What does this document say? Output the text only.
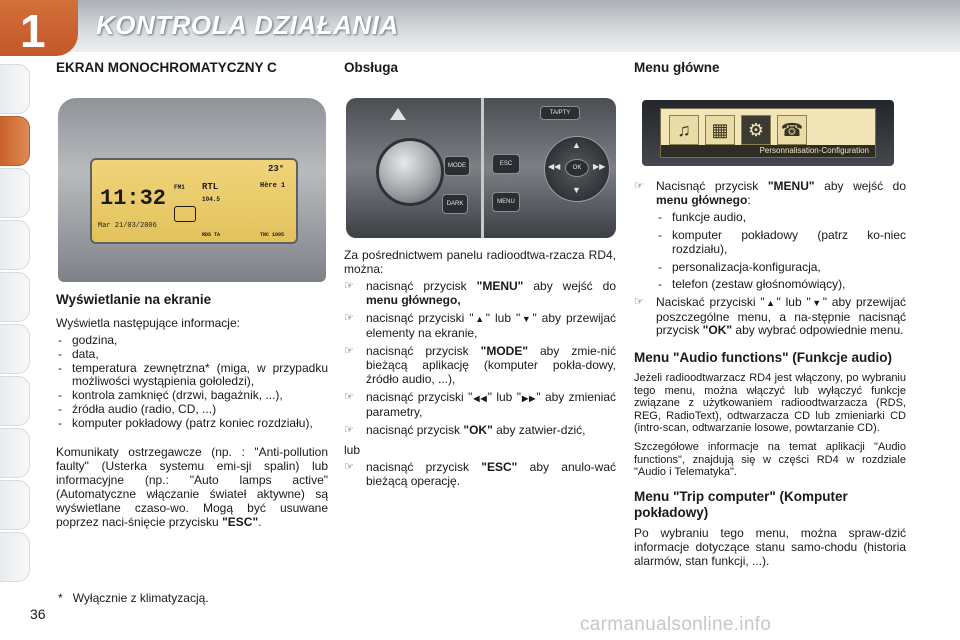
1 KONTROLA DZIAŁANIA
EKRAN MONOCHROMATYCZNY C
11:32
Mar 21/03/2006
23°
FM1 RTL
104.5
Hère 1
RDS TA	TNC 1005
Wyświetlanie na ekranie
Wyświetla następujące informacje:
- godzina,
- data,
- temperatura zewnętrzna* (miga, w przypadku możliwości wystąpienia gołoledzi),
- kontrola zamknięć (drzwi, bagażnik, ...),
- źródła audio (radio, CD, ...)
- komputer pokładowy (patrz koniec rozdziału),
Komunikaty ostrzegawcze (np. : "Anti-pollution faulty" (Usterka systemu emi-sji spalin) lub informacyjne (np.: "Auto lamps active" (Automatyczne włączanie świateł aktywne) są wyświetlane czaso-wo. Mogą być usuwane poprzez naci-śnięcie przycisku "ESC".
Obsługa
TA/PTY
MODE
DARK
ESC
MENU
OK
▲
▼
◀◀	▶▶
Za pośrednictwem panelu radioodtwa-rzacza RD4, można:
☞ nacisnąć przycisk "MENU" aby wejść do menu głównego,
☞ nacisnąć przyciski "▲" lub "▼" aby przewijać elementy na ekranie,
☞ nacisnąć przycisk "MODE" aby zmie-nić bieżącą aplikację (komputer pokła-dowy, źródło audio, ...),
☞ nacisnąć przyciski "◀◀" lub "▶▶" aby zmieniać parametry,
☞ nacisnąć przycisk "OK" aby zatwier-dzić,
lub
☞ nacisnąć przycisk "ESC" aby anulo-wać bieżącą operację.
Menu główne
♫	▦	⚙ ☎
Personnalisation-Configuration
☞ Nacisnąć przycisk "MENU" aby wejść do menu głównego:
- funkcje audio,
- komputer pokładowy (patrz ko-niec rozdziału),
- personalizacja-konfiguracja,
- telefon (zestaw głośnomówiący),
☞ Naciskać przyciski "▲" lub "▼" aby przewijać poszczególne menu, a na-stępnie nacisnąć przycisk "OK" aby wybrać odpowiednie menu.
Menu "Audio functions" (Funkcje audio)
Jeżeli radioodtwarzacz RD4 jest włączony, po wybraniu tego menu, można włączyć lub wyłączyć funkcje związane z użytkowaniem radioodtwarzacza (RDS, REG, RadioText), odtwarzacza CD lub zmieniarki CD (intro-scan, odtwarzanie losowe, powtarzanie CD).
Szczegółowe informacje na temat aplikacji "Audio functions", znajdują się w części RD4 w rozdziale "Audio i Telematyka".
Menu "Trip computer" (Komputer pokładowy)
Po wybraniu tego menu, można spraw-dzić informacje dotyczące stanu samo-chodu (historia alarmów, stan funkcji, ...).
* Wyłącznie z klimatyzacją.
36	carmanualsonline.info
